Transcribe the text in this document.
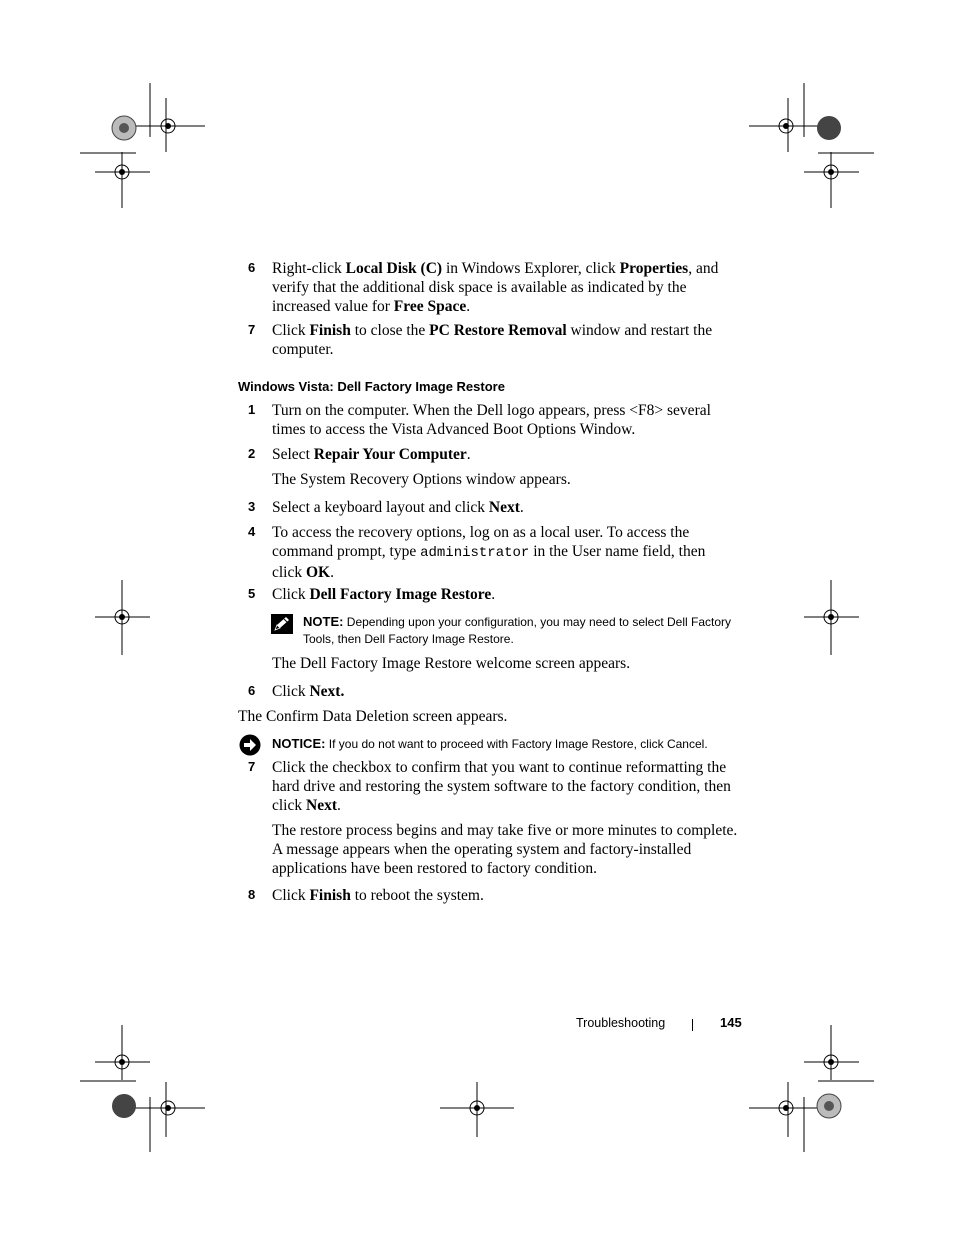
6	Right-click Local Disk (C) in Windows Explorer, click Properties, and verify that the additional disk space is available as indicated by the increased value for Free Space.
7	Click Finish to close the PC Restore Removal window and restart the computer.
Windows Vista: Dell Factory Image Restore
1	Turn on the computer. When the Dell logo appears, press <F8> several times to access the Vista Advanced Boot Options Window.
2	Select Repair Your Computer.
The System Recovery Options window appears.
3	Select a keyboard layout and click Next.
4	To access the recovery options, log on as a local user. To access the command prompt, type administrator in the User name field, then click OK.
5	Click Dell Factory Image Restore.
NOTE: Depending upon your configuration, you may need to select Dell Factory Tools, then Dell Factory Image Restore.
The Dell Factory Image Restore welcome screen appears.
6	Click Next.
The Confirm Data Deletion screen appears.
NOTICE: If you do not want to proceed with Factory Image Restore, click Cancel.
7	Click the checkbox to confirm that you want to continue reformatting the hard drive and restoring the system software to the factory condition, then click Next.
The restore process begins and may take five or more minutes to complete. A message appears when the operating system and factory-installed applications have been restored to factory condition.
8	Click Finish to reboot the system.
Troubleshooting	145
